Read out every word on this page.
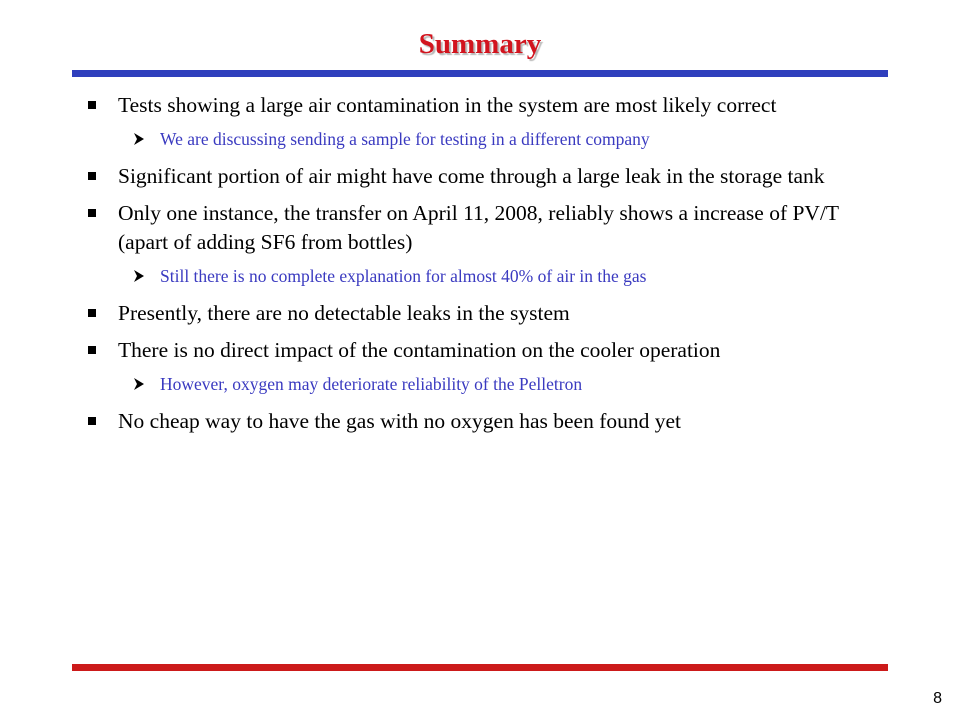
Summary
Tests showing a large air contamination in the system are most likely correct
We are discussing sending a sample for testing in a different company
Significant portion of air might have come through a large leak in the storage tank
Only one instance, the transfer on April 11, 2008, reliably shows a increase of PV/T (apart of adding SF6 from bottles)
Still there is no complete explanation for almost 40% of air in the gas
Presently, there are no detectable leaks in the system
There is no direct impact of the contamination on the cooler operation
However, oxygen may deteriorate reliability of the Pelletron
No cheap way to have the gas with no oxygen has been found yet
8
